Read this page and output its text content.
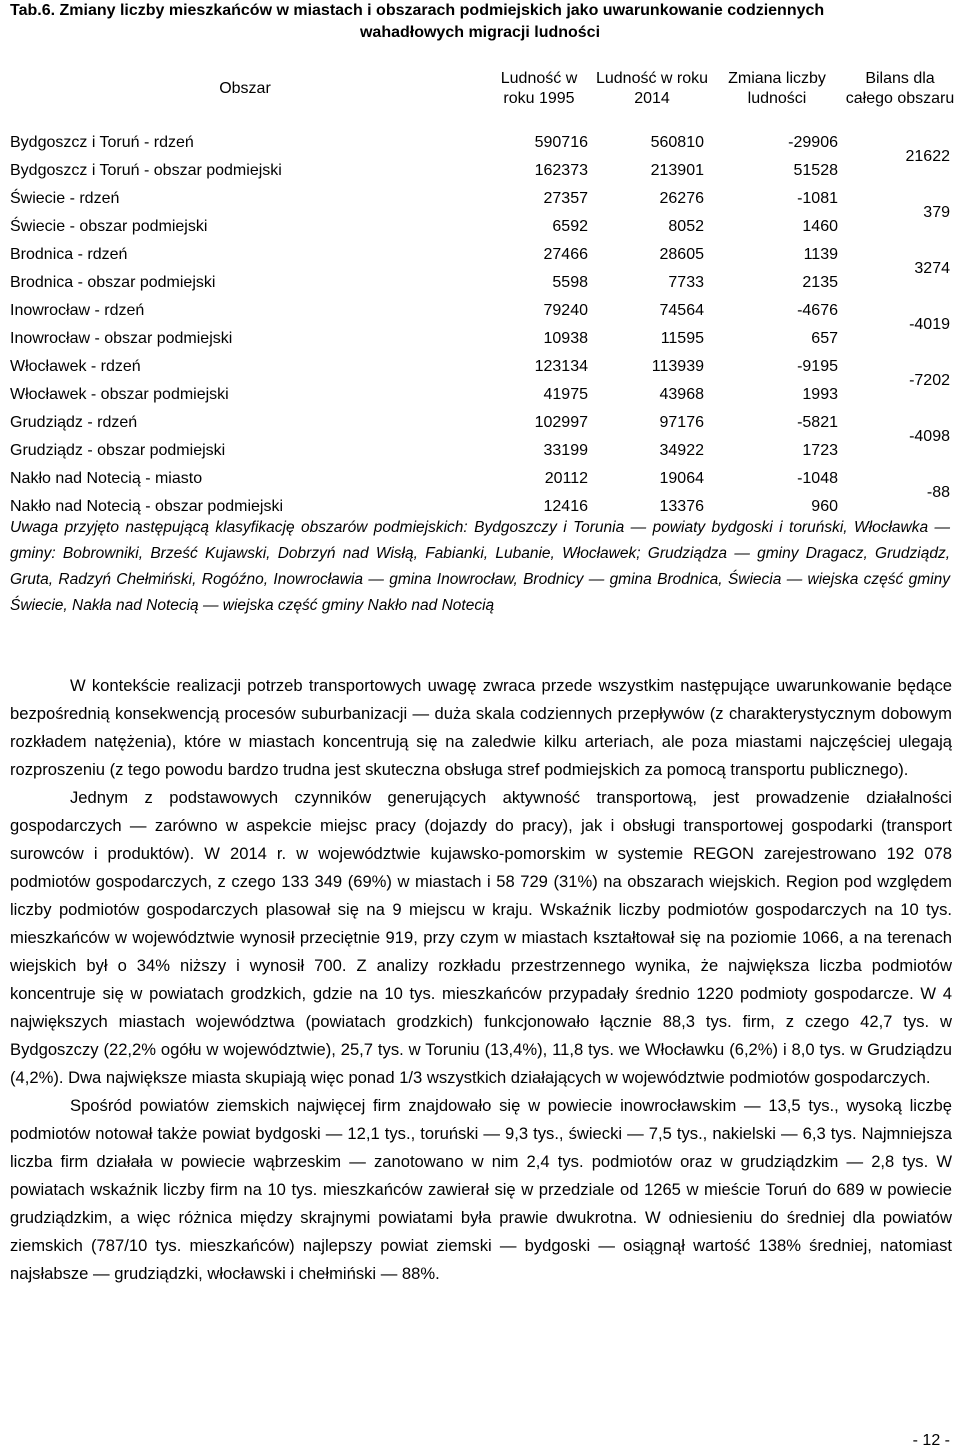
Tab.6. Zmiany liczby mieszkańców w miastach i obszarach podmiejskich jako uwarunkowanie codziennych
wahadłowych migracji ludności
Obszar	Ludność w roku 1995	Ludność w roku 2014	Zmiana liczby ludności	Bilans dla całego obszaru
Bydgoszcz i Toruń - rdzeń	590716	560810	-29906	21622
Bydgoszcz i Toruń - obszar podmiejski	162373	213901	51528	
Świecie - rdzeń	27357	26276	-1081	379
Świecie - obszar podmiejski	6592	8052	1460	
Brodnica - rdzeń	27466	28605	1139	3274
Brodnica - obszar podmiejski	5598	7733	2135	
Inowrocław - rdzeń	79240	74564	-4676	-4019
Inowrocław - obszar podmiejski	10938	11595	657	
Włocławek - rdzeń	123134	113939	-9195	-7202
Włocławek - obszar podmiejski	41975	43968	1993	
Grudziądz - rdzeń	102997	97176	-5821	-4098
Grudziądz - obszar podmiejski	33199	34922	1723	
Nakło nad Notecią - miasto	20112	19064	-1048	-88
Nakło nad Notecią - obszar podmiejski	12416	13376	960	
Uwaga przyjęto następującą klasyfikację obszarów podmiejskich: Bydgoszczy i Torunia — powiaty bydgoski i toruński, Włocławka — gminy: Bobrowniki, Brześć Kujawski, Dobrzyń nad Wisłą, Fabianki, Lubanie, Włocławek; Grudziądza — gminy Dragacz, Grudziądz, Gruta, Radzyń Chełmiński, Rogóźno, Inowrocławia — gmina Inowrocław, Brodnicy — gmina Brodnica, Świecia — wiejska część gminy Świecie, Nakła nad Notecią — wiejska część gminy Nakło nad Notecią

W kontekście realizacji potrzeb transportowych uwagę zwraca przede wszystkim następujące uwarunkowanie będące bezpośrednią konsekwencją procesów suburbanizacji — duża skala codziennych przepływów (z charakterystycznym dobowym rozkładem natężenia), które w miastach koncentrują się na zaledwie kilku arteriach, ale poza miastami najczęściej ulegają rozproszeniu (z tego powodu bardzo trudna jest skuteczna obsługa stref podmiejskich za pomocą transportu publicznego).

Jednym z podstawowych czynników generujących aktywność transportową, jest prowadzenie działalności gospodarczych — zarówno w aspekcie miejsc pracy (dojazdy do pracy), jak i obsługi transportowej gospodarki (transport surowców i produktów). W 2014 r. w województwie kujawsko-pomorskim w systemie REGON zarejestrowano 192 078 podmiotów gospodarczych, z czego 133 349 (69%) w miastach i 58 729 (31%) na obszarach wiejskich. Region pod względem liczby podmiotów gospodarczych plasował się na 9 miejscu w kraju. Wskaźnik liczby podmiotów gospodarczych na 10 tys. mieszkańców w województwie wynosił przeciętnie 919, przy czym w miastach kształtował się na poziomie 1066, a na terenach wiejskich był o 34% niższy i wynosił 700. Z analizy rozkładu przestrzennego wynika, że największa liczba podmiotów koncentruje się w powiatach grodzkich, gdzie na 10 tys. mieszkańców przypadały średnio 1220 podmioty gospodarcze. W 4 największych miastach województwa (powiatach grodzkich) funkcjonowało łącznie 88,3 tys. firm, z czego 42,7 tys. w Bydgoszczy (22,2% ogółu w województwie), 25,7 tys. w Toruniu (13,4%), 11,8 tys. we Włocławku (6,2%) i 8,0 tys. w Grudziądzu (4,2%). Dwa największe miasta skupiają więc ponad 1/3 wszystkich działających w województwie podmiotów gospodarczych.

Spośród powiatów ziemskich najwięcej firm znajdowało się w powiecie inowrocławskim — 13,5 tys., wysoką liczbę podmiotów notował także powiat bydgoski — 12,1 tys., toruński — 9,3 tys., świecki — 7,5 tys., nakielski — 6,3 tys. Najmniejsza liczba firm działała w powiecie wąbrzeskim — zanotowano w nim 2,4 tys. podmiotów oraz w grudziądzkim — 2,8 tys. W powiatach wskaźnik liczby firm na 10 tys. mieszkańców zawierał się w przedziale od 1265 w mieście Toruń do 689 w powiecie grudziądzkim, a więc różnica między skrajnymi powiatami była prawie dwukrotna. W odniesieniu do średniej dla powiatów ziemskich (787/10 tys. mieszkańców) najlepszy powiat ziemski — bydgoski — osiągnął wartość 138% średniej, natomiast najsłabsze — grudziądzki, włocławski i chełmiński — 88%.

- 12 -
